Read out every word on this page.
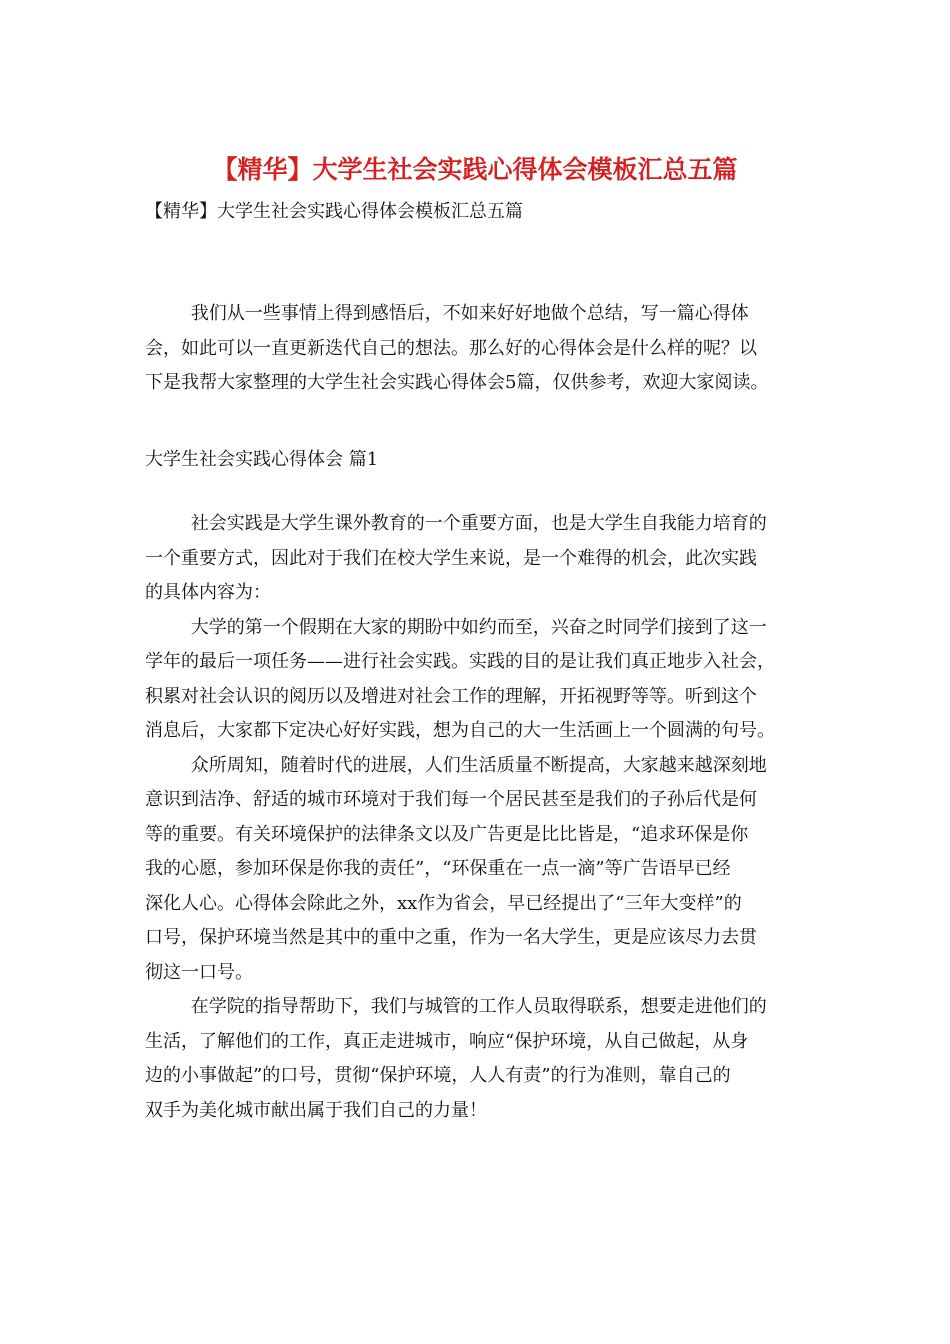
【精华】大学生社会实践心得体会模板汇总五篇
【精华】大学生社会实践心得体会模板汇总五篇
我们从一些事情上得到感悟后，不如来好好地做个总结，写一篇心得体
会，如此可以一直更新迭代自己的想法。那么好的心得体会是什么样的呢？以
下是我帮大家整理的大学生社会实践心得体会5篇，仅供参考，欢迎大家阅读。
大学生社会实践心得体会 篇1
社会实践是大学生课外教育的一个重要方面，也是大学生自我能力培育的
一个重要方式，因此对于我们在校大学生来说，是一个难得的机会，此次实践
的具体内容为：
大学的第一个假期在大家的期盼中如约而至，兴奋之时同学们接到了这一
学年的最后一项任务——进行社会实践。实践的目的是让我们真正地步入社会，
积累对社会认识的阅历以及增进对社会工作的理解，开拓视野等等。听到这个
消息后，大家都下定决心好好实践，想为自己的大一生活画上一个圆满的句号。
众所周知，随着时代的进展，人们生活质量不断提高，大家越来越深刻地
意识到洁净、舒适的城市环境对于我们每一个居民甚至是我们的子孙后代是何
等的重要。有关环境保护的法律条文以及广告更是比比皆是，“追求环保是你
我的心愿，参加环保是你我的责任”，“环保重在一点一滴”等广告语早已经
深化人心。心得体会除此之外，xx作为省会，早已经提出了“三年大变样”的
口号，保护环境当然是其中的重中之重，作为一名大学生，更是应该尽力去贯
彻这一口号。
在学院的指导帮助下，我们与城管的工作人员取得联系，想要走进他们的
生活，了解他们的工作，真正走进城市，响应“保护环境，从自己做起，从身
边的小事做起”的口号，贯彻“保护环境，人人有责”的行为准则，靠自己的
双手为美化城市献出属于我们自己的力量！
